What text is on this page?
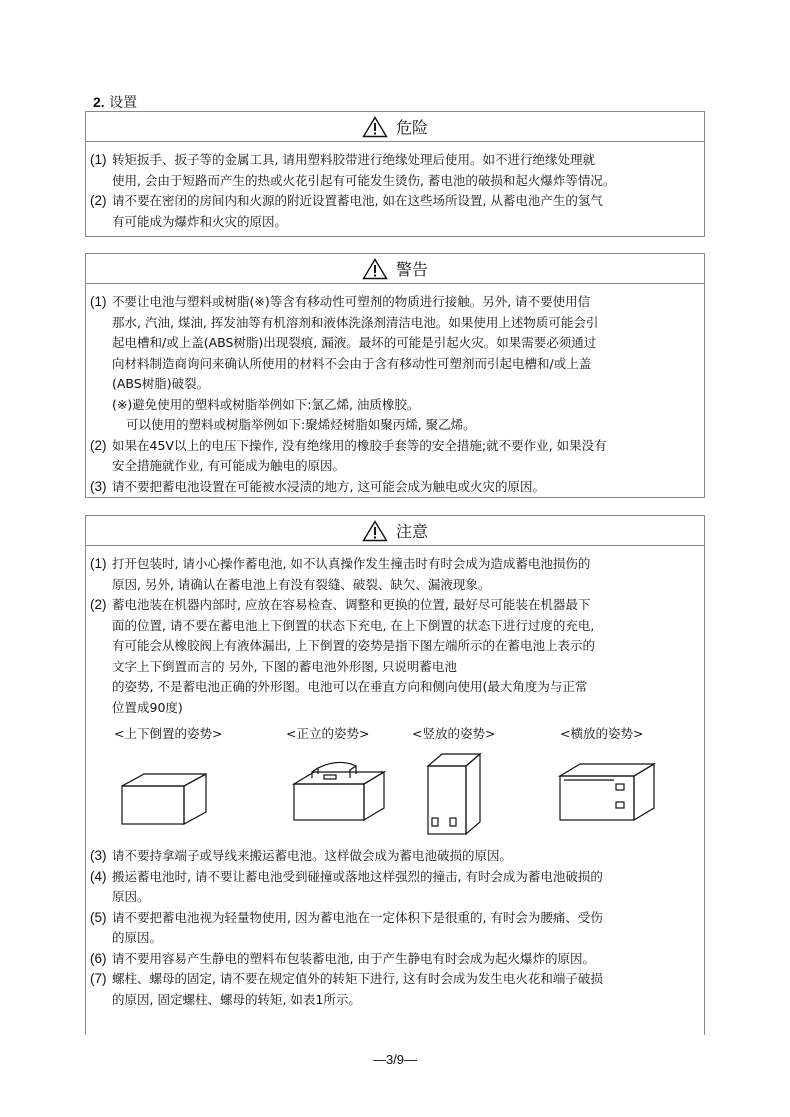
2. 设置
危险
(1) 转矩扳手、扳子等的金属工具, 请用塑料胶带进行绝缘处理后使用。如不进行绝缘处理就
使用, 会由于短路而产生的热或火花引起有可能发生烫伤, 蓄电池的破损和起火爆炸等情况。
(2) 请不要在密闭的房间内和火源的附近设置蓄电池, 如在这些场所设置, 从蓄电池产生的氢气
有可能成为爆炸和火灾的原因。
警告
(1) 不要让电池与塑料或树脂(※)等含有移动性可塑剂的物质进行接触。另外, 请不要使用信
那水, 汽油, 煤油, 挥发油等有机溶剂和液体洗涤剂清洁电池。如果使用上述物质可能会引
起电槽和/或上盖(ABS树脂)出现裂痕, 漏液。最坏的可能是引起火灾。如果需要必须通过
向材料制造商询问来确认所使用的材料不会由于含有移动性可塑剂而引起电槽和/或上盖
(ABS树脂)破裂。
(※)避免使用的塑料或树脂举例如下:氯乙烯, 油质橡胶。
可以使用的塑料或树脂举例如下:聚烯烃树脂如聚丙烯, 聚乙烯。
(2) 如果在45V以上的电压下操作, 没有绝缘用的橡胶手套等的安全措施;就不要作业, 如果没有
安全措施就作业, 有可能成为触电的原因。
(3) 请不要把蓄电池设置在可能被水浸渍的地方, 这可能会成为触电或火灾的原因。
注意
(1) 打开包装时, 请小心操作蓄电池, 如不认真操作发生撞击时有时会成为造成蓄电池损伤的
原因, 另外, 请确认在蓄电池上有没有裂缝、破裂、缺欠、漏液现象。
(2) 蓄电池装在机器内部时, 应放在容易检查、调整和更换的位置, 最好尽可能装在机器最下
面的位置, 请不要在蓄电池上下倒置的状态下充电, 在上下倒置的状态下进行过度的充电,
有可能会从橡胶阀上有液体漏出, 上下倒置的姿势是指下图左端所示的在蓄电池上表示的
文字上下倒置而言的 另外, 下图的蓄电池外形图, 只说明蓄电池
的姿势, 不是蓄电池正确的外形图。电池可以在垂直方向和侧向使用(最大角度为与正常
位置成90度)
<上下倒置的姿势>	<正立的姿势>	<竖放的姿势>	<横放的姿势>
(3) 请不要持拿端子或导线来搬运蓄电池。这样做会成为蓄电池破损的原因。
(4) 搬运蓄电池时, 请不要让蓄电池受到碰撞或落地这样强烈的撞击, 有时会成为蓄电池破损的
原因。
(5) 请不要把蓄电池视为轻量物使用, 因为蓄电池在一定体积下是很重的, 有时会为腰痛、受伤
的原因。
(6) 请不要用容易产生静电的塑料布包装蓄电池, 由于产生静电有时会成为起火爆炸的原因。
(7) 螺柱、螺母的固定, 请不要在规定值外的转矩下进行, 这有时会成为发生电火花和端子破损
的原因, 固定螺柱、螺母的转矩, 如表1所示。
—3/9—
